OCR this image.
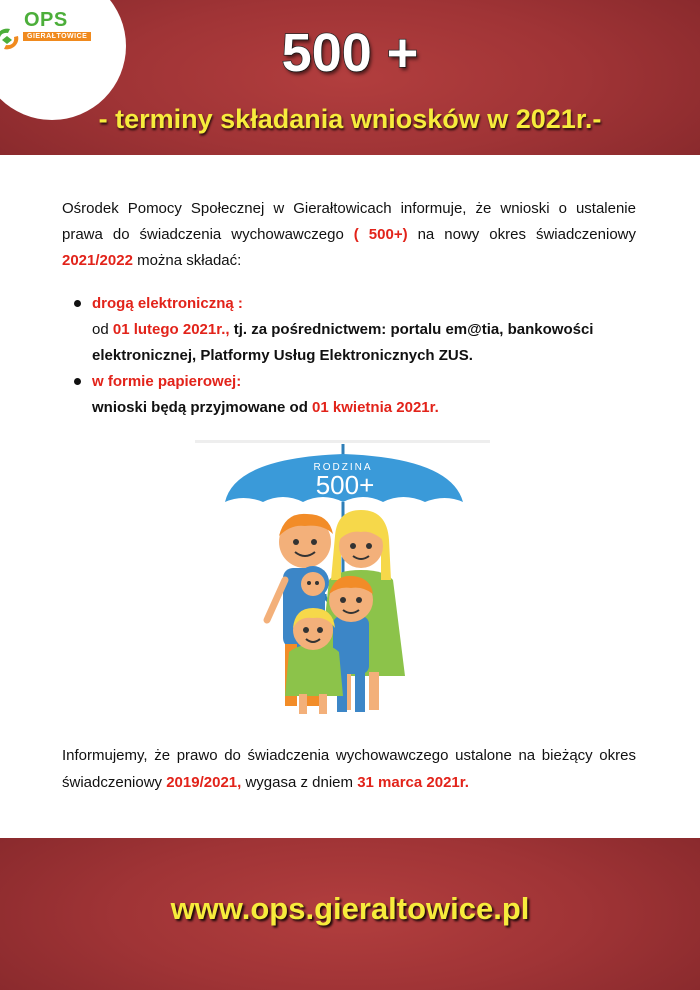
OPS
GIERAŁTOWICE	500 +
- terminy składania wniosków w 2021r.-
Ośrodek Pomocy Społecznej w Gierałtowicach informuje, że wnioski o ustalenie prawa do świadczenia wychowawczego ( 500+) na nowy okres świadczeniowy 2021/2022 można składać:
drogą elektroniczną :
od 01 lutego 2021r., tj. za pośrednictwem: portalu em@tia, bankowości elektronicznej, Platformy Usług Elektronicznych ZUS.
w formie papierowej:
wnioski będą przyjmowane od 01 kwietnia 2021r.
RODZINA
500+
Informujemy, że prawo do świadczenia wychowawczego ustalone na bieżący okres świadczeniowy 2019/2021, wygasa z dniem 31 marca 2021r.
www.ops.gieraltowice.pl
